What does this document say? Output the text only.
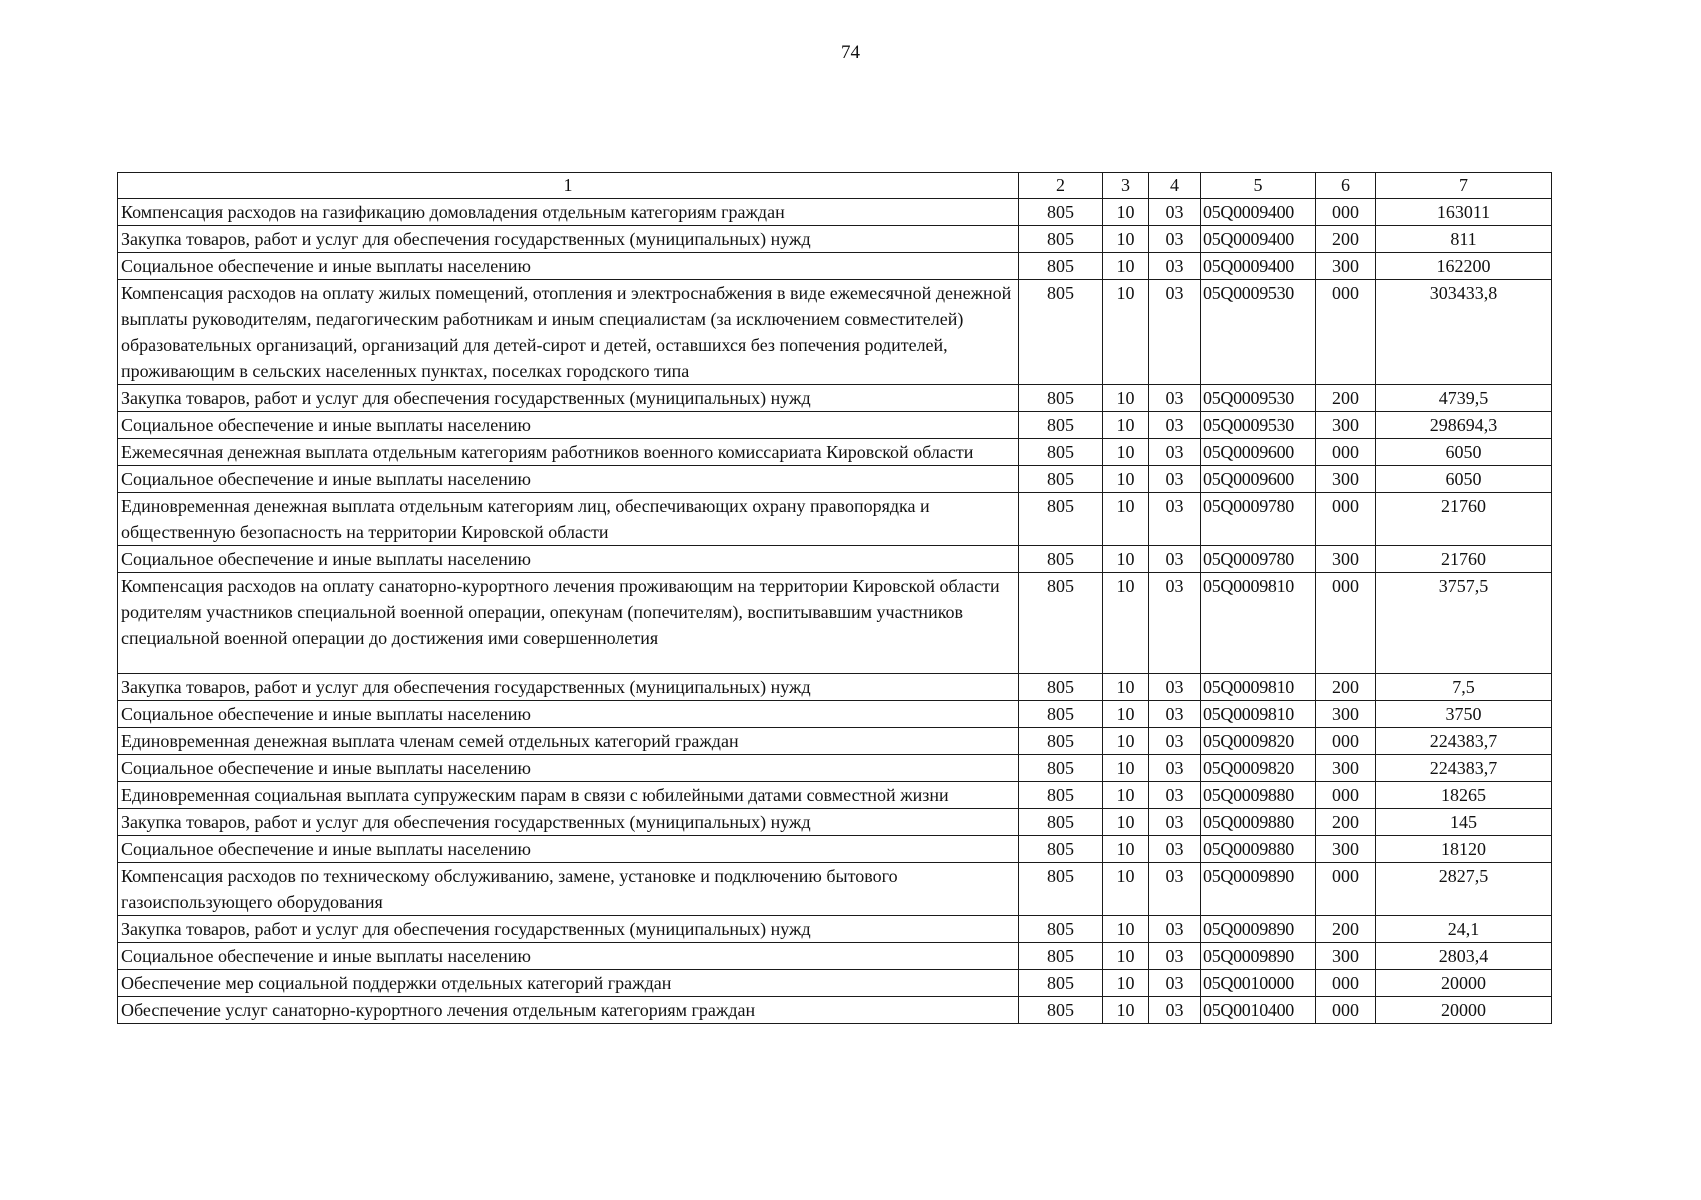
74
1	2	3	4	5	6	7
Компенсация расходов на газификацию домовладения отдельным категориям граждан	805	10	03	05Q0009400	000	163011
Закупка товаров, работ и услуг для обеспечения государственных (муниципальных) нужд	805	10	03	05Q0009400	200	811
Социальное обеспечение и иные выплаты населению	805	10	03	05Q0009400	300	162200
Компенсация расходов на оплату жилых помещений, отопления и электроснабжения в виде ежемесячной денежной выплаты руководителям, педагогическим работникам и иным специалистам (за исключением совместителей) образовательных организаций, организаций для детей-сирот и детей, оставшихся без попечения родителей, проживающим в сельских населенных пунктах, поселках городского типа	805	10	03	05Q0009530	000	303433,8
Закупка товаров, работ и услуг для обеспечения государственных (муниципальных) нужд	805	10	03	05Q0009530	200	4739,5
Социальное обеспечение и иные выплаты населению	805	10	03	05Q0009530	300	298694,3
Ежемесячная денежная выплата отдельным категориям работников военного комиссариата Кировской области	805	10	03	05Q0009600	000	6050
Социальное обеспечение и иные выплаты населению	805	10	03	05Q0009600	300	6050
Единовременная денежная выплата отдельным категориям лиц, обеспечивающих охрану правопорядка и общественную безопасность на территории Кировской области	805	10	03	05Q0009780	000	21760
Социальное обеспечение и иные выплаты населению	805	10	03	05Q0009780	300	21760
Компенсация расходов на оплату санаторно-курортного лечения проживающим на территории Кировской области родителям участников специальной военной операции, опекунам (попечителям), воспитывавшим участников специальной военной операции до достижения ими совершеннолетия	805	10	03	05Q0009810	000	3757,5
Закупка товаров, работ и услуг для обеспечения государственных (муниципальных) нужд	805	10	03	05Q0009810	200	7,5
Социальное обеспечение и иные выплаты населению	805	10	03	05Q0009810	300	3750
Единовременная денежная выплата членам семей отдельных категорий граждан	805	10	03	05Q0009820	000	224383,7
Социальное обеспечение и иные выплаты населению	805	10	03	05Q0009820	300	224383,7
Единовременная социальная выплата супружеским парам в связи с юбилейными датами совместной жизни	805	10	03	05Q0009880	000	18265
Закупка товаров, работ и услуг для обеспечения государственных (муниципальных) нужд	805	10	03	05Q0009880	200	145
Социальное обеспечение и иные выплаты населению	805	10	03	05Q0009880	300	18120
Компенсация расходов по техническому обслуживанию, замене, установке и подключению бытового газоиспользующего оборудования	805	10	03	05Q0009890	000	2827,5
Закупка товаров, работ и услуг для обеспечения государственных (муниципальных) нужд	805	10	03	05Q0009890	200	24,1
Социальное обеспечение и иные выплаты населению	805	10	03	05Q0009890	300	2803,4
Обеспечение мер социальной поддержки отдельных категорий граждан	805	10	03	05Q0010000	000	20000
Обеспечение услуг санаторно-курортного лечения отдельным категориям граждан	805	10	03	05Q0010400	000	20000
